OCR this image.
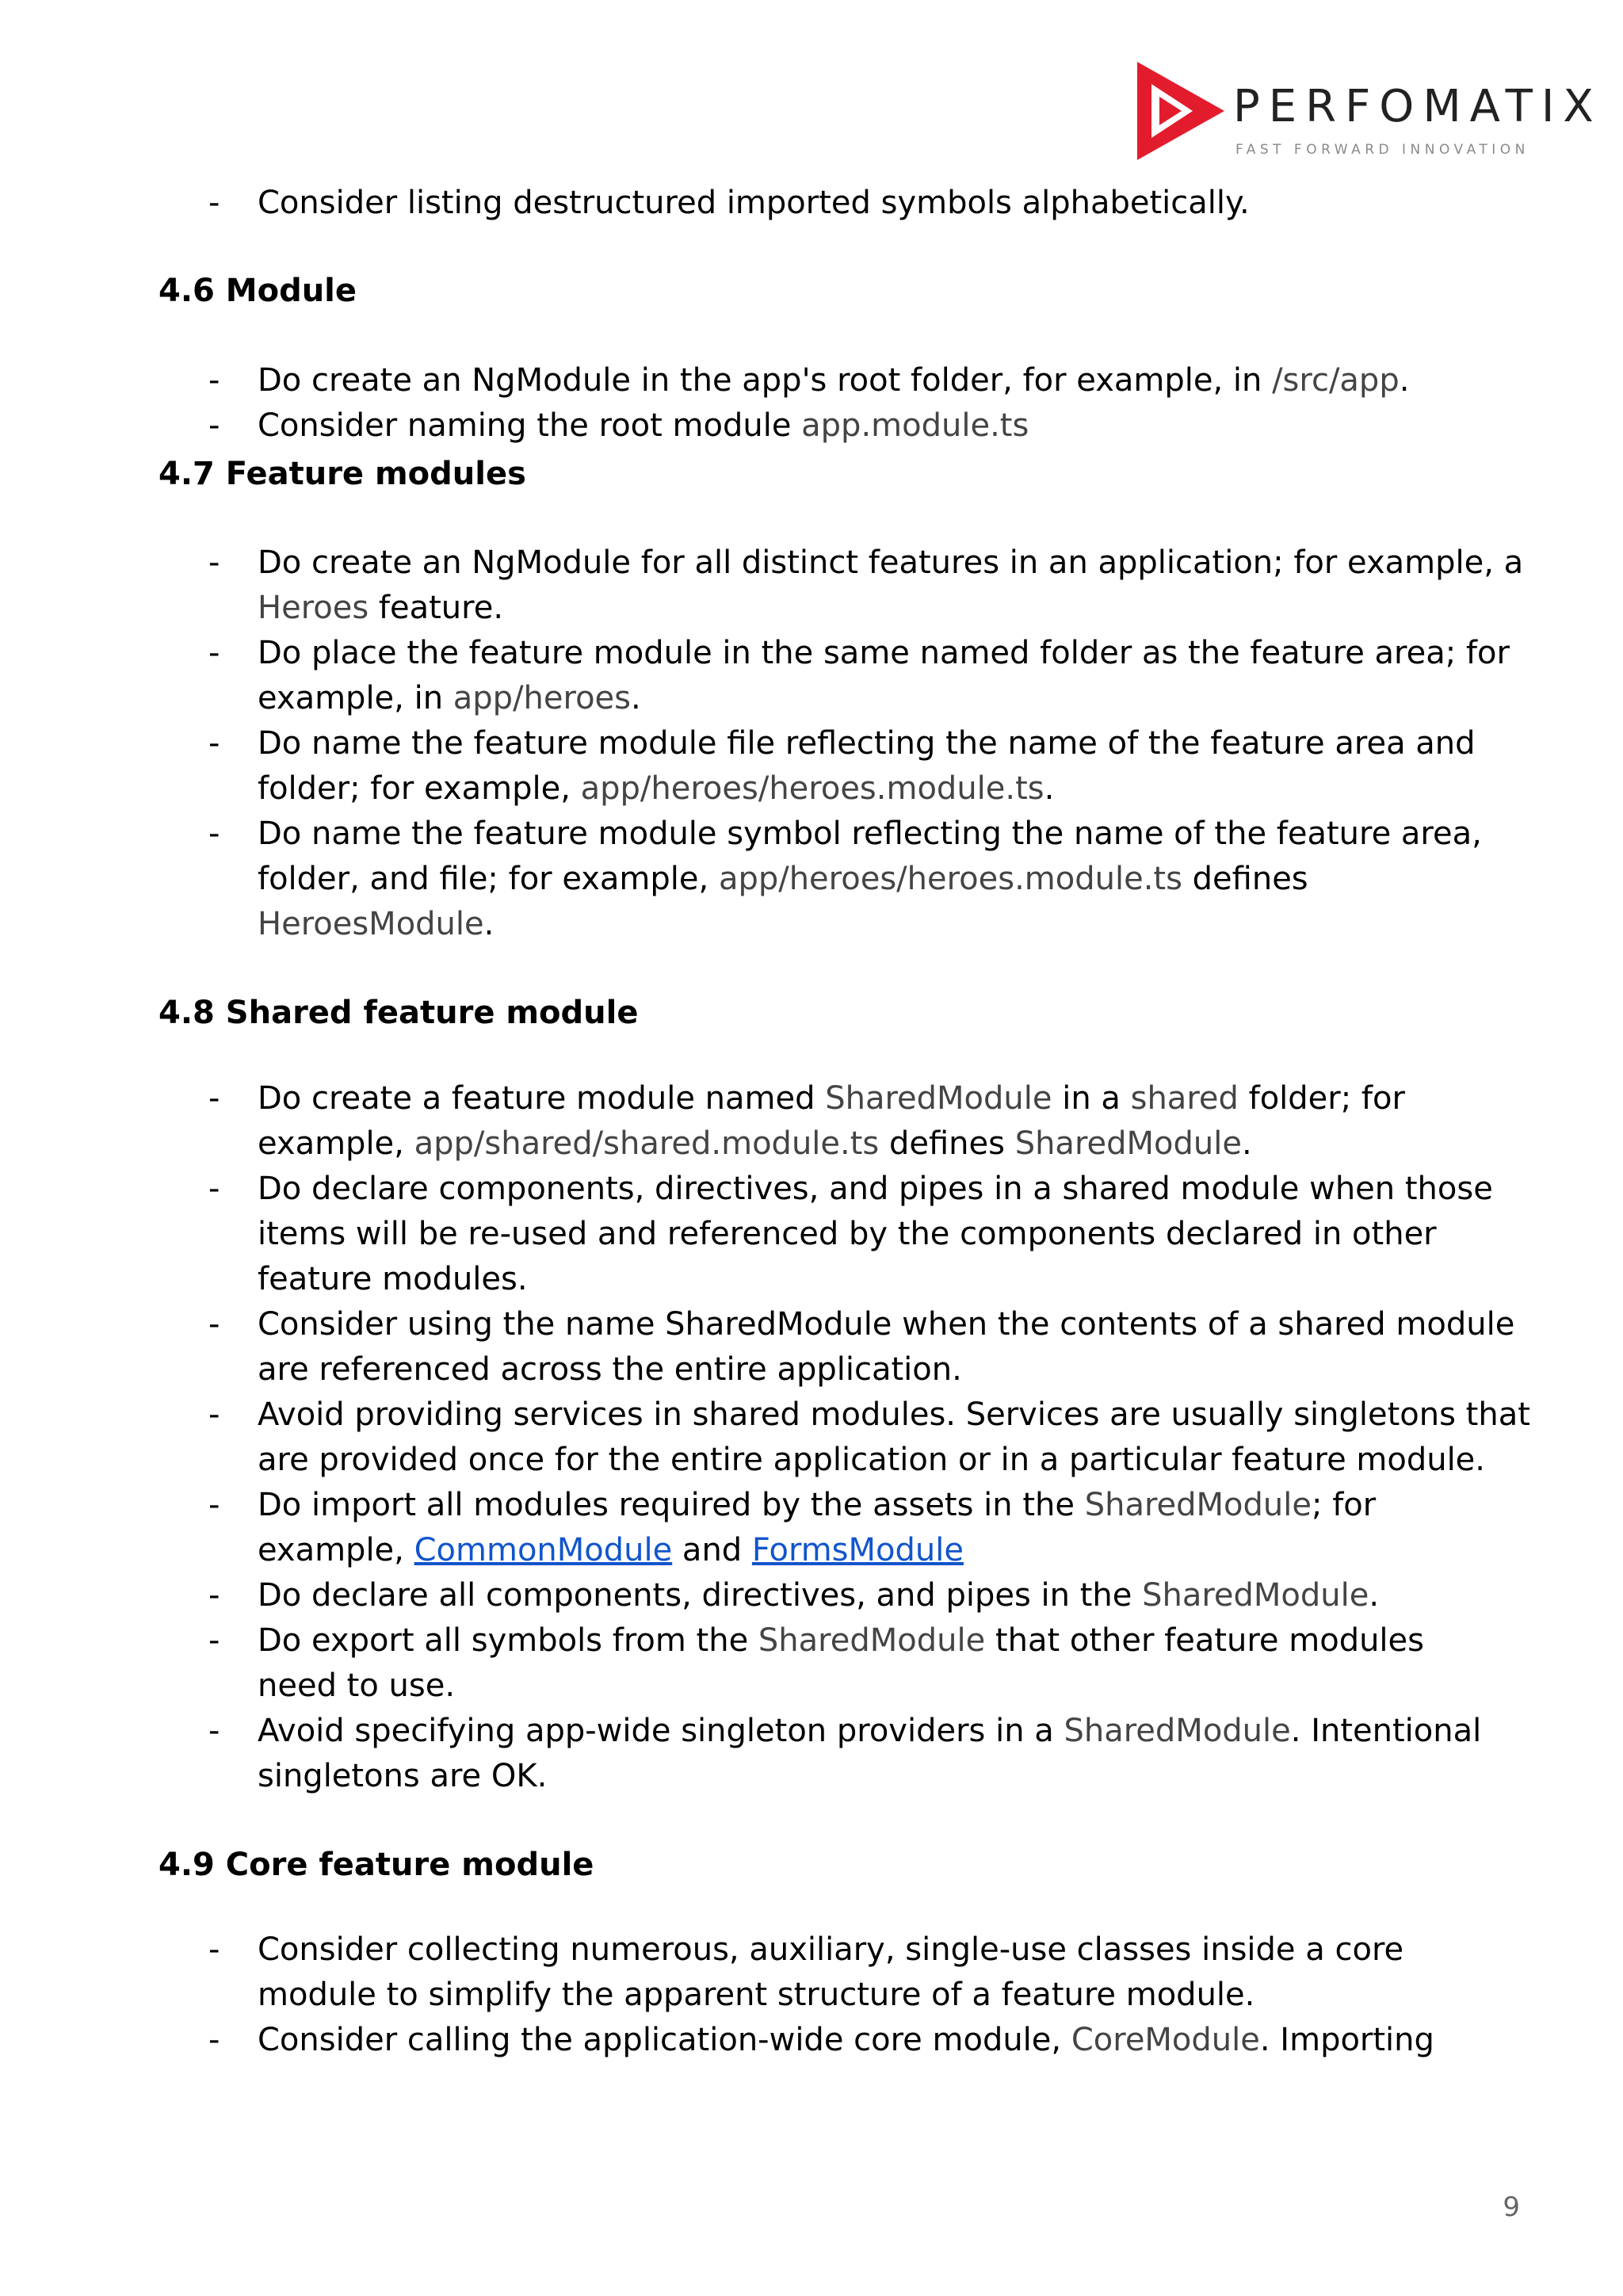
PERFOMATIX
FAST FORWARD INNOVATION
- Consider listing destructured imported symbols alphabetically.
4.6 Module
- Do create an NgModule in the app's root folder, for example, in /src/app.
- Consider naming the root module app.module.ts
4.7 Feature modules
- Do create an NgModule for all distinct features in an application; for example, a
Heroes feature.
- Do place the feature module in the same named folder as the feature area; for
example, in app/heroes.
- Do name the feature module file reflecting the name of the feature area and
folder; for example, app/heroes/heroes.module.ts.
- Do name the feature module symbol reflecting the name of the feature area,
folder, and file; for example, app/heroes/heroes.module.ts defines
HeroesModule.
4.8 Shared feature module
- Do create a feature module named SharedModule in a shared folder; for
example, app/shared/shared.module.ts defines SharedModule.
- Do declare components, directives, and pipes in a shared module when those
items will be re-used and referenced by the components declared in other
feature modules.
- Consider using the name SharedModule when the contents of a shared module
are referenced across the entire application.
- Avoid providing services in shared modules. Services are usually singletons that
are provided once for the entire application or in a particular feature module.
- Do import all modules required by the assets in the SharedModule; for
example, CommonModule and FormsModule
- Do declare all components, directives, and pipes in the SharedModule.
- Do export all symbols from the SharedModule that other feature modules
need to use.
- Avoid specifying app-wide singleton providers in a SharedModule. Intentional
singletons are OK.
4.9 Core feature module
- Consider collecting numerous, auxiliary, single-use classes inside a core
module to simplify the apparent structure of a feature module.
- Consider calling the application-wide core module, CoreModule. Importing
9
